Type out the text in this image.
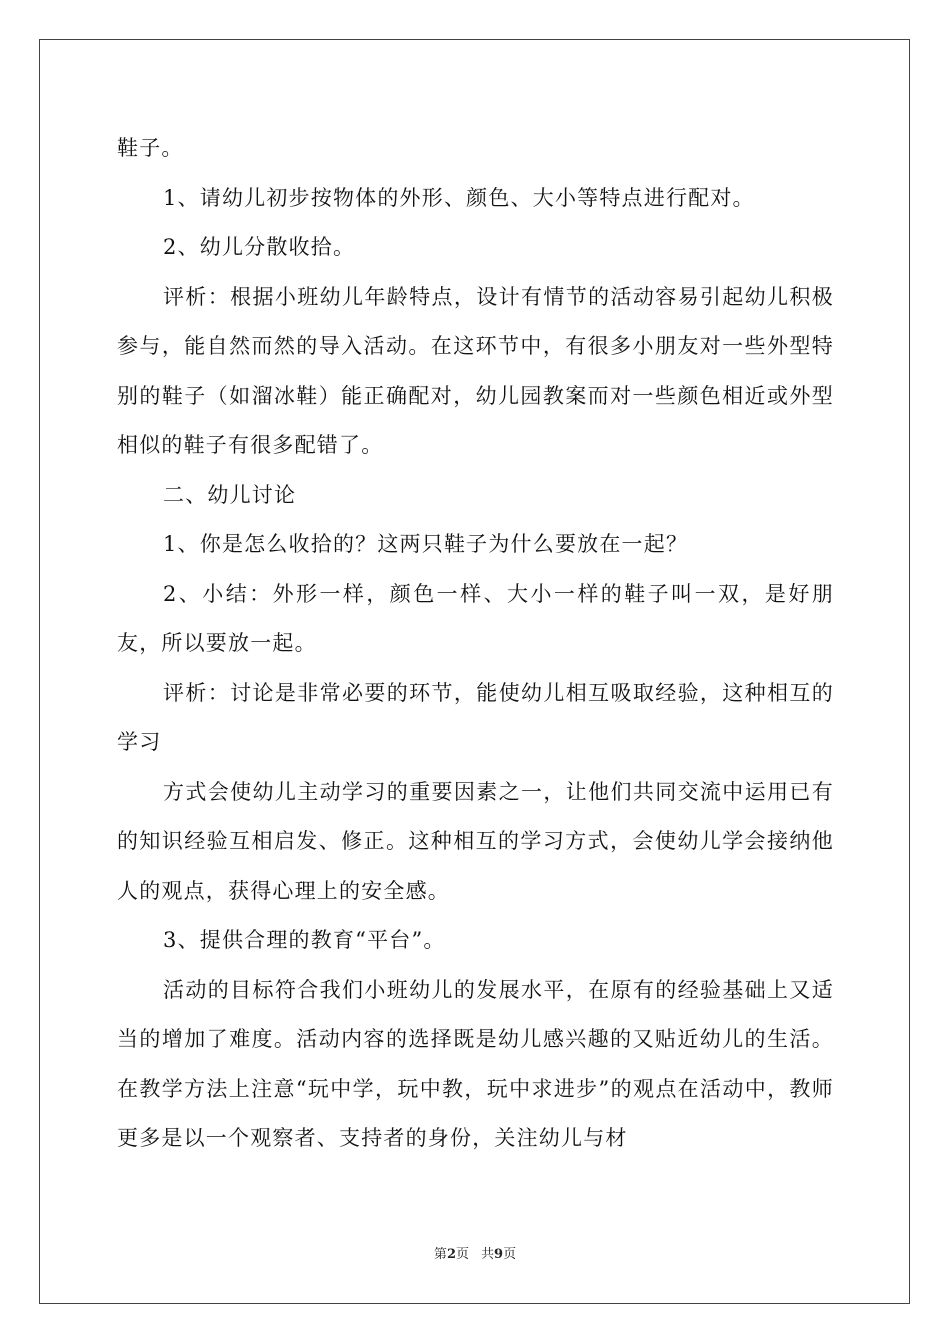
鞋子。

1、请幼儿初步按物体的外形、颜色、大小等特点进行配对。

2、幼儿分散收拾。

评析：根据小班幼儿年龄特点，设计有情节的活动容易引起幼儿积极参与，能自然而然的导入活动。在这环节中，有很多小朋友对一些外型特别的鞋子（如溜冰鞋）能正确配对，幼儿园教案而对一些颜色相近或外型相似的鞋子有很多配错了。

二、幼儿讨论

1、你是怎么收拾的？这两只鞋子为什么要放在一起？

2、小结：外形一样，颜色一样、大小一样的鞋子叫一双，是好朋友，所以要放一起。

评析：讨论是非常必要的环节，能使幼儿相互吸取经验，这种相互的学习

方式会使幼儿主动学习的重要因素之一，让他们共同交流中运用已有的知识经验互相启发、修正。这种相互的学习方式，会使幼儿学会接纳他人的观点，获得心理上的安全感。

3、提供合理的教育“平台”。

活动的目标符合我们小班幼儿的发展水平，在原有的经验基础上又适当的增加了难度。活动内容的选择既是幼儿感兴趣的又贴近幼儿的生活。在教学方法上注意“玩中学，玩中教，玩中求进步”的观点在活动中，教师更多是以一个观察者、支持者的身份，关注幼儿与材

第2页 共9页
